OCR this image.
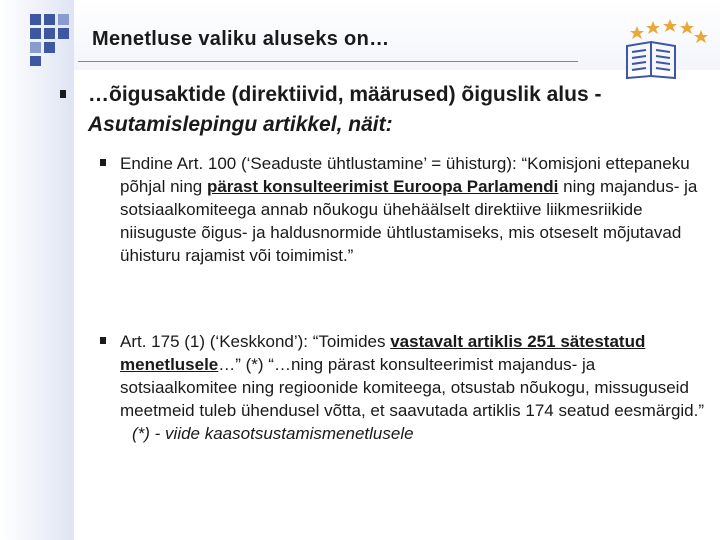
Menetluse valiku aluseks on…
…õigusaktide (direktiivid, määrused) õiguslik alus - Asutamislepingu artikkel, näit:
Endine Art. 100 (‘Seaduste ühtlustamine’ = ühisturg): “Komisjoni ettepaneku põhjal ning pärast konsulteerimist Euroopa Parlamendi ning majandus- ja sotsiaalkomiteega annab nõukogu ühehäälselt direktiive liikmesriikide niisuguste õigus- ja haldusnormide ühtlustamiseks, mis otseselt mõjutavad ühisturu rajamist või toimimist.”
Art. 175 (1) (‘Keskkond’): “Toimides vastavalt artiklis 251 sätestatud menetlusele…” (*) “…ning pärast konsulteerimist majandus- ja sotsiaalkomitee ning regioonide komiteega, otsustab nõukogu, missuguseid meetmeid tuleb ühendusel võtta, et saavutada artiklis 174 seatud eesmärgid.”
(*) - viide kaasotsustamismenetlusele
